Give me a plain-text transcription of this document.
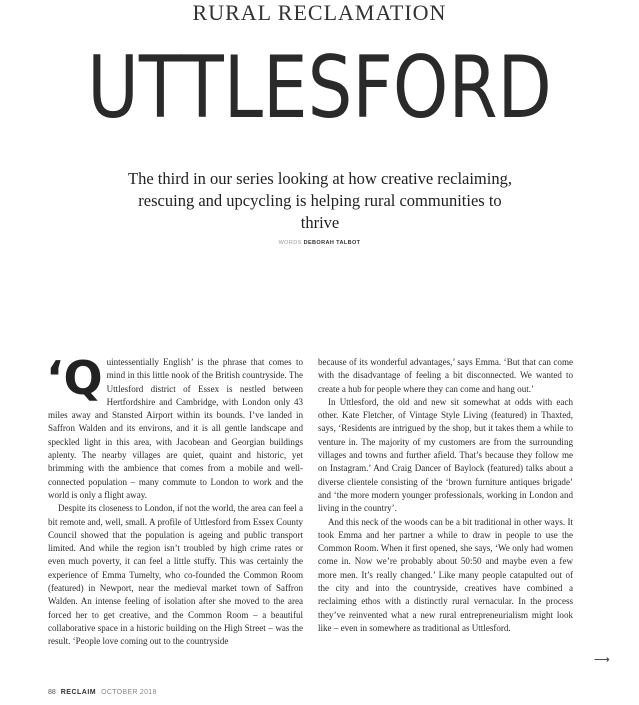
RURAL RECLAMATION
UTTLESFORD
The third in our series looking at how creative reclaiming, rescuing and upcycling is helping rural communities to thrive
WORDS DEBORAH TALBOT

‘Quintessentially English’ is the phrase that comes to mind in this little nook of the British countryside. The Uttlesford district of Essex is nestled between Hertfordshire and Cambridge, with London only 43 miles away and Stansted Airport within its bounds. I’ve landed in Saffron Walden and its environs, and it is all gentle landscape and speckled light in this area, with Jacobean and Georgian buildings aplenty. The nearby villages are quiet, quaint and historic, yet brimming with the ambience that comes from a mobile and well-connected population – many commute to London to work and the world is only a flight away.

Despite its closeness to London, if not the world, the area can feel a bit remote and, well, small. A profile of Uttlesford from Essex County Council showed that the population is ageing and public transport limited. And while the region isn’t troubled by high crime rates or even much poverty, it can feel a little stuffy. This was certainly the experience of Emma Tumelty, who co-founded the Common Room (featured) in Newport, near the medieval market town of Saffron Walden. An intense feeling of isolation after she moved to the area forced her to get creative, and the Common Room – a beautiful collaborative space in a historic building on the High Street – was the result. ‘People love coming out to the countryside

because of its wonderful advantages,’ says Emma. ‘But that can come with the disadvantage of feeling a bit disconnected. We wanted to create a hub for people where they can come and hang out.’

In Uttlesford, the old and new sit somewhat at odds with each other. Kate Fletcher, of Vintage Style Living (featured) in Thaxted, says, ‘Residents are intrigued by the shop, but it takes them a while to venture in. The majority of my customers are from the surrounding villages and towns and further afield. That’s because they follow me on Instagram.’ And Craig Dancer of Baylock (featured) talks about a diverse clientele consisting of the ‘brown furniture antiques brigade’ and ‘the more modern younger professionals, working in London and living in the country’.

And this neck of the woods can be a bit traditional in other ways. It took Emma and her partner a while to draw in people to use the Common Room. When it first opened, she says, ‘We only had women come in. Now we’re probably about 50:50 and maybe even a few more men. It’s really changed.’ Like many people catapulted out of the city and into the countryside, creatives have combined a reclaiming ethos with a distinctly rural vernacular. In the process they’ve reinvented what a new rural entrepreneurialism might look like – even in somewhere as traditional as Uttlesford.

⟶
88 RECLAIM OCTOBER 2018
